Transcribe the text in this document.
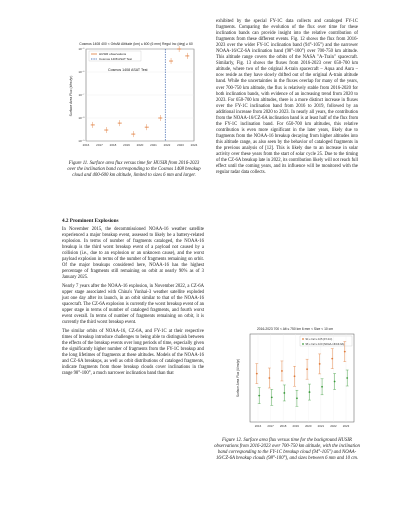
Cosmos 1408 400 < OrbAlt Altitude (km) ≤ 600 (6 mm) Regul Inc (deg) ≥ 60
HUSIR observations
Cosmos 1408 ASAT Test
Cosmos 1408 ASAT Test
Surface Area Flux (#/m²/yr)
10⁻⁵
10⁻⁶
10⁻⁷
10⁻⁸
10⁻⁹
2016 2017 2018 2019 2020 2021 2022 2023 2024
Figure 11. Surface area flux versus time for HUSIR from 2016-2023 over the inclination band corresponding to the Cosmos 1408 breakup cloud and 400-600 km altitude, limited to sizes 6 mm and larger.
4.2 Prominent Explosions

In November 2015, the decommissioned NOAA-16 weather satellite experienced a major breakup event, assessed to likely be a battery-related explosion. In terms of number of fragments cataloged, the NOAA-16 breakup is the third worst breakup event of a payload not caused by a collision (i.e., due to an explosion or an unknown cause), and the worst payload explosion in terms of the number of fragments remaining on orbit. Of the major breakups considered here, NOAA-16 has the highest percentage of fragments still remaining on orbit at nearly 90% as of 3 January 2025.

Nearly 7 years after the NOAA-16 explosion, in November 2022, a CZ-6A upper stage associated with China's Yunhai-3 weather satellite exploded just one day after its launch, in an orbit similar to that of the NOAA-16 spacecraft. The CZ-6A explosion is currently the worst breakup event of an upper stage in terms of number of cataloged fragments, and fourth worst event overall. In terms of number of fragments remaining on orbit, it is currently the third worst breakup event.

The similar orbits of NOAA-16, CZ-6A, and FY-1C at their respective times of breakup introduce challenges to being able to distinguish between the effects of the breakup events over long periods of time, especially given the significantly higher number of fragments from the FY-1C breakup and the long lifetimes of fragments at these altitudes. Models of the NOAA-16 and CZ-6A breakups, as well as orbit distributions of cataloged fragments, indicate fragments from those breakup clouds cover inclinations in the range 98°-100°, a much narrower inclination band than that

exhibited by the special FY-1C data collects and cataloged FY-1C fragments. Comparing the evolution of the flux over time for these inclination bands can provide insight into the relative contribution of fragments from these different events. Fig. 12 shows the flux from 2016-2023 over the wider FY-1C inclination band (94°-105°) and the narrower NOAA-16/CZ-6A inclination band (98°-100°) over 700-750 km altitude. This altitude range covers the orbits of the NASA "A-Train" spacecraft. Similarly, Fig. 13 shows the fluxes from 2016-2023 over 650-700 km altitude, where two of the original A-train spacecraft – Aqua and Aura – now reside as they have slowly drifted out of the original A-train altitude band. While the uncertainties in the fluxes overlap for many of the years, over 700-750 km altitude, the flux is relatively stable from 2016-2020 for both inclination bands, with evidence of an increasing trend from 2020 to 2023. For 650-700 km altitudes, there is a more distinct increase in fluxes over the FY-1C inclination band from 2016 to 2019, followed by an additional increase from 2020 to 2023. In nearly all years, the contribution from the NOAA-16/CZ-6A inclination band is at least half of the flux from the FY-1C inclination band. For 650-700 km altitudes, this relative contribution is even more significant in the later years, likely due to fragments from the NOAA-16 breakup decaying from higher altitudes into this altitude range, as also seen by the behavior of cataloged fragments in the previous analysis of [12]. This is likely due to an increase in solar activity over these years from the start of solar cycle 25. Due to the timing of the CZ-6A breakup late in 2022, its contribution likely will not reach full effect until the coming years, and its influence will be monitored with the regular radar data collects.

2016-2023 700 < Alt ≤ 750 km 6 mm < Size < 10 cm
94 ≤ Incl ≤ 105 (FY-1C)
98 ≤ Incl ≤ 100 (NOAA-16/CZ-6A)
Surface Area Flux (#/m²/yr)
2016 2017 2018 2019 2020 2021 2022 2023
Figure 12. Surface area flux versus time for the background HUSIR observations from 2016-2023 over 700-750 km altitude, with the inclination band corresponding to the FY-1C breakup cloud (94°-105°) and NOAA-16/CZ-6A breakup clouds (98°-100°), and sizes between 6 mm and 10 cm.
